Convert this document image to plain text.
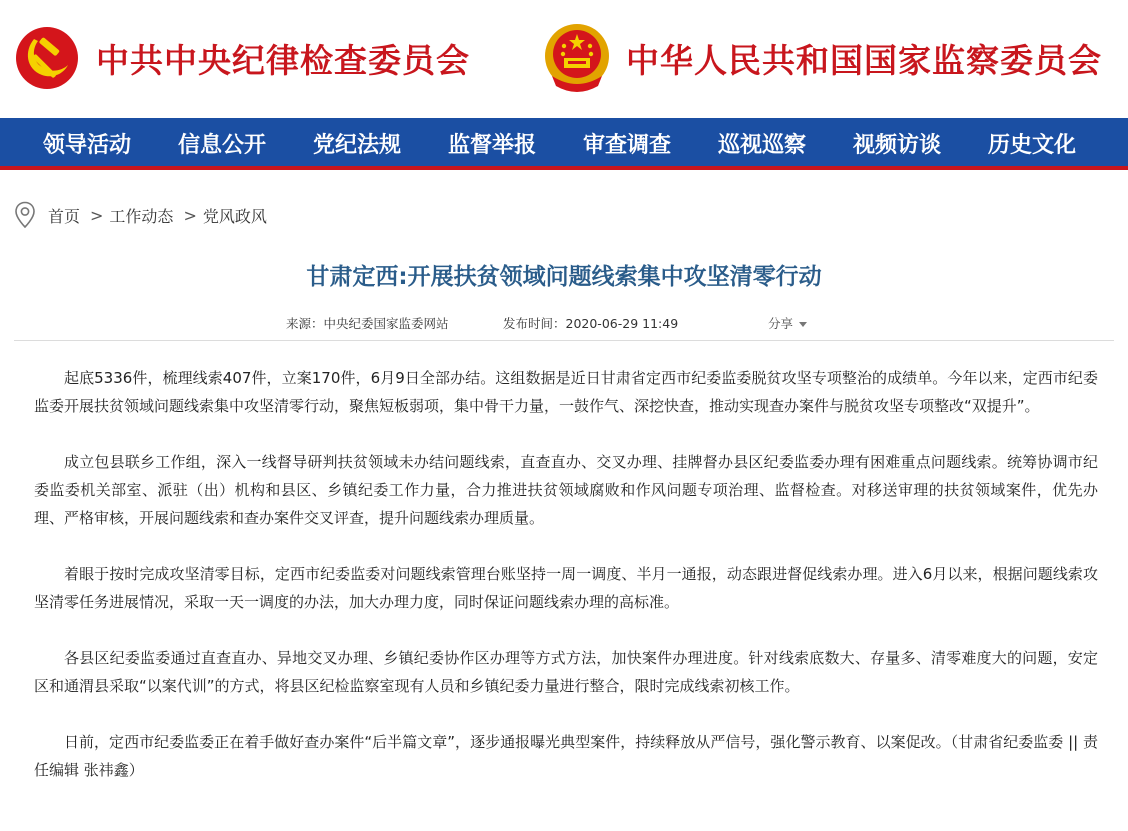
中共中央纪律检查委员会	中华人民共和国国家监察委员会
领导活动 信息公开 党纪法规 监督举报 审查调查 巡视巡察 视频访谈 历史文化
首页 > 工作动态 > 党风政风
甘肃定西:开展扶贫领域问题线索集中攻坚清零行动
来源：中央纪委国家监委网站	发布时间：2020-06-29 11:49	分享

起底5336件，梳理线索407件，立案170件，6月9日全部办结。这组数据是近日甘肃省定西市纪委监委脱贫攻坚专项整治的成绩单。今年以来，定西市纪委监委开展扶贫领域问题线索集中攻坚清零行动，聚焦短板弱项，集中骨干力量，一鼓作气、深挖快查，推动实现查办案件与脱贫攻坚专项整改“双提升”。

成立包县联乡工作组，深入一线督导研判扶贫领域未办结问题线索，直查直办、交叉办理、挂牌督办县区纪委监委办理有困难重点问题线索。统筹协调市纪委监委机关部室、派驻（出）机构和县区、乡镇纪委工作力量，合力推进扶贫领域腐败和作风问题专项治理、监督检查。对移送审理的扶贫领域案件，优先办理、严格审核，开展问题线索和查办案件交叉评查，提升问题线索办理质量。

着眼于按时完成攻坚清零目标，定西市纪委监委对问题线索管理台账坚持一周一调度、半月一通报，动态跟进督促线索办理。进入6月以来，根据问题线索攻坚清零任务进展情况，采取一天一调度的办法，加大办理力度，同时保证问题线索办理的高标准。

各县区纪委监委通过直查直办、异地交叉办理、乡镇纪委协作区办理等方式方法，加快案件办理进度。针对线索底数大、存量多、清零难度大的问题，安定区和通渭县采取“以案代训”的方式，将县区纪检监察室现有人员和乡镇纪委力量进行整合，限时完成线索初核工作。

日前，定西市纪委监委正在着手做好查办案件“后半篇文章”，逐步通报曝光典型案件，持续释放从严信号，强化警示教育、以案促改。（甘肃省纪委监委 || 责任编辑 张祎鑫）
